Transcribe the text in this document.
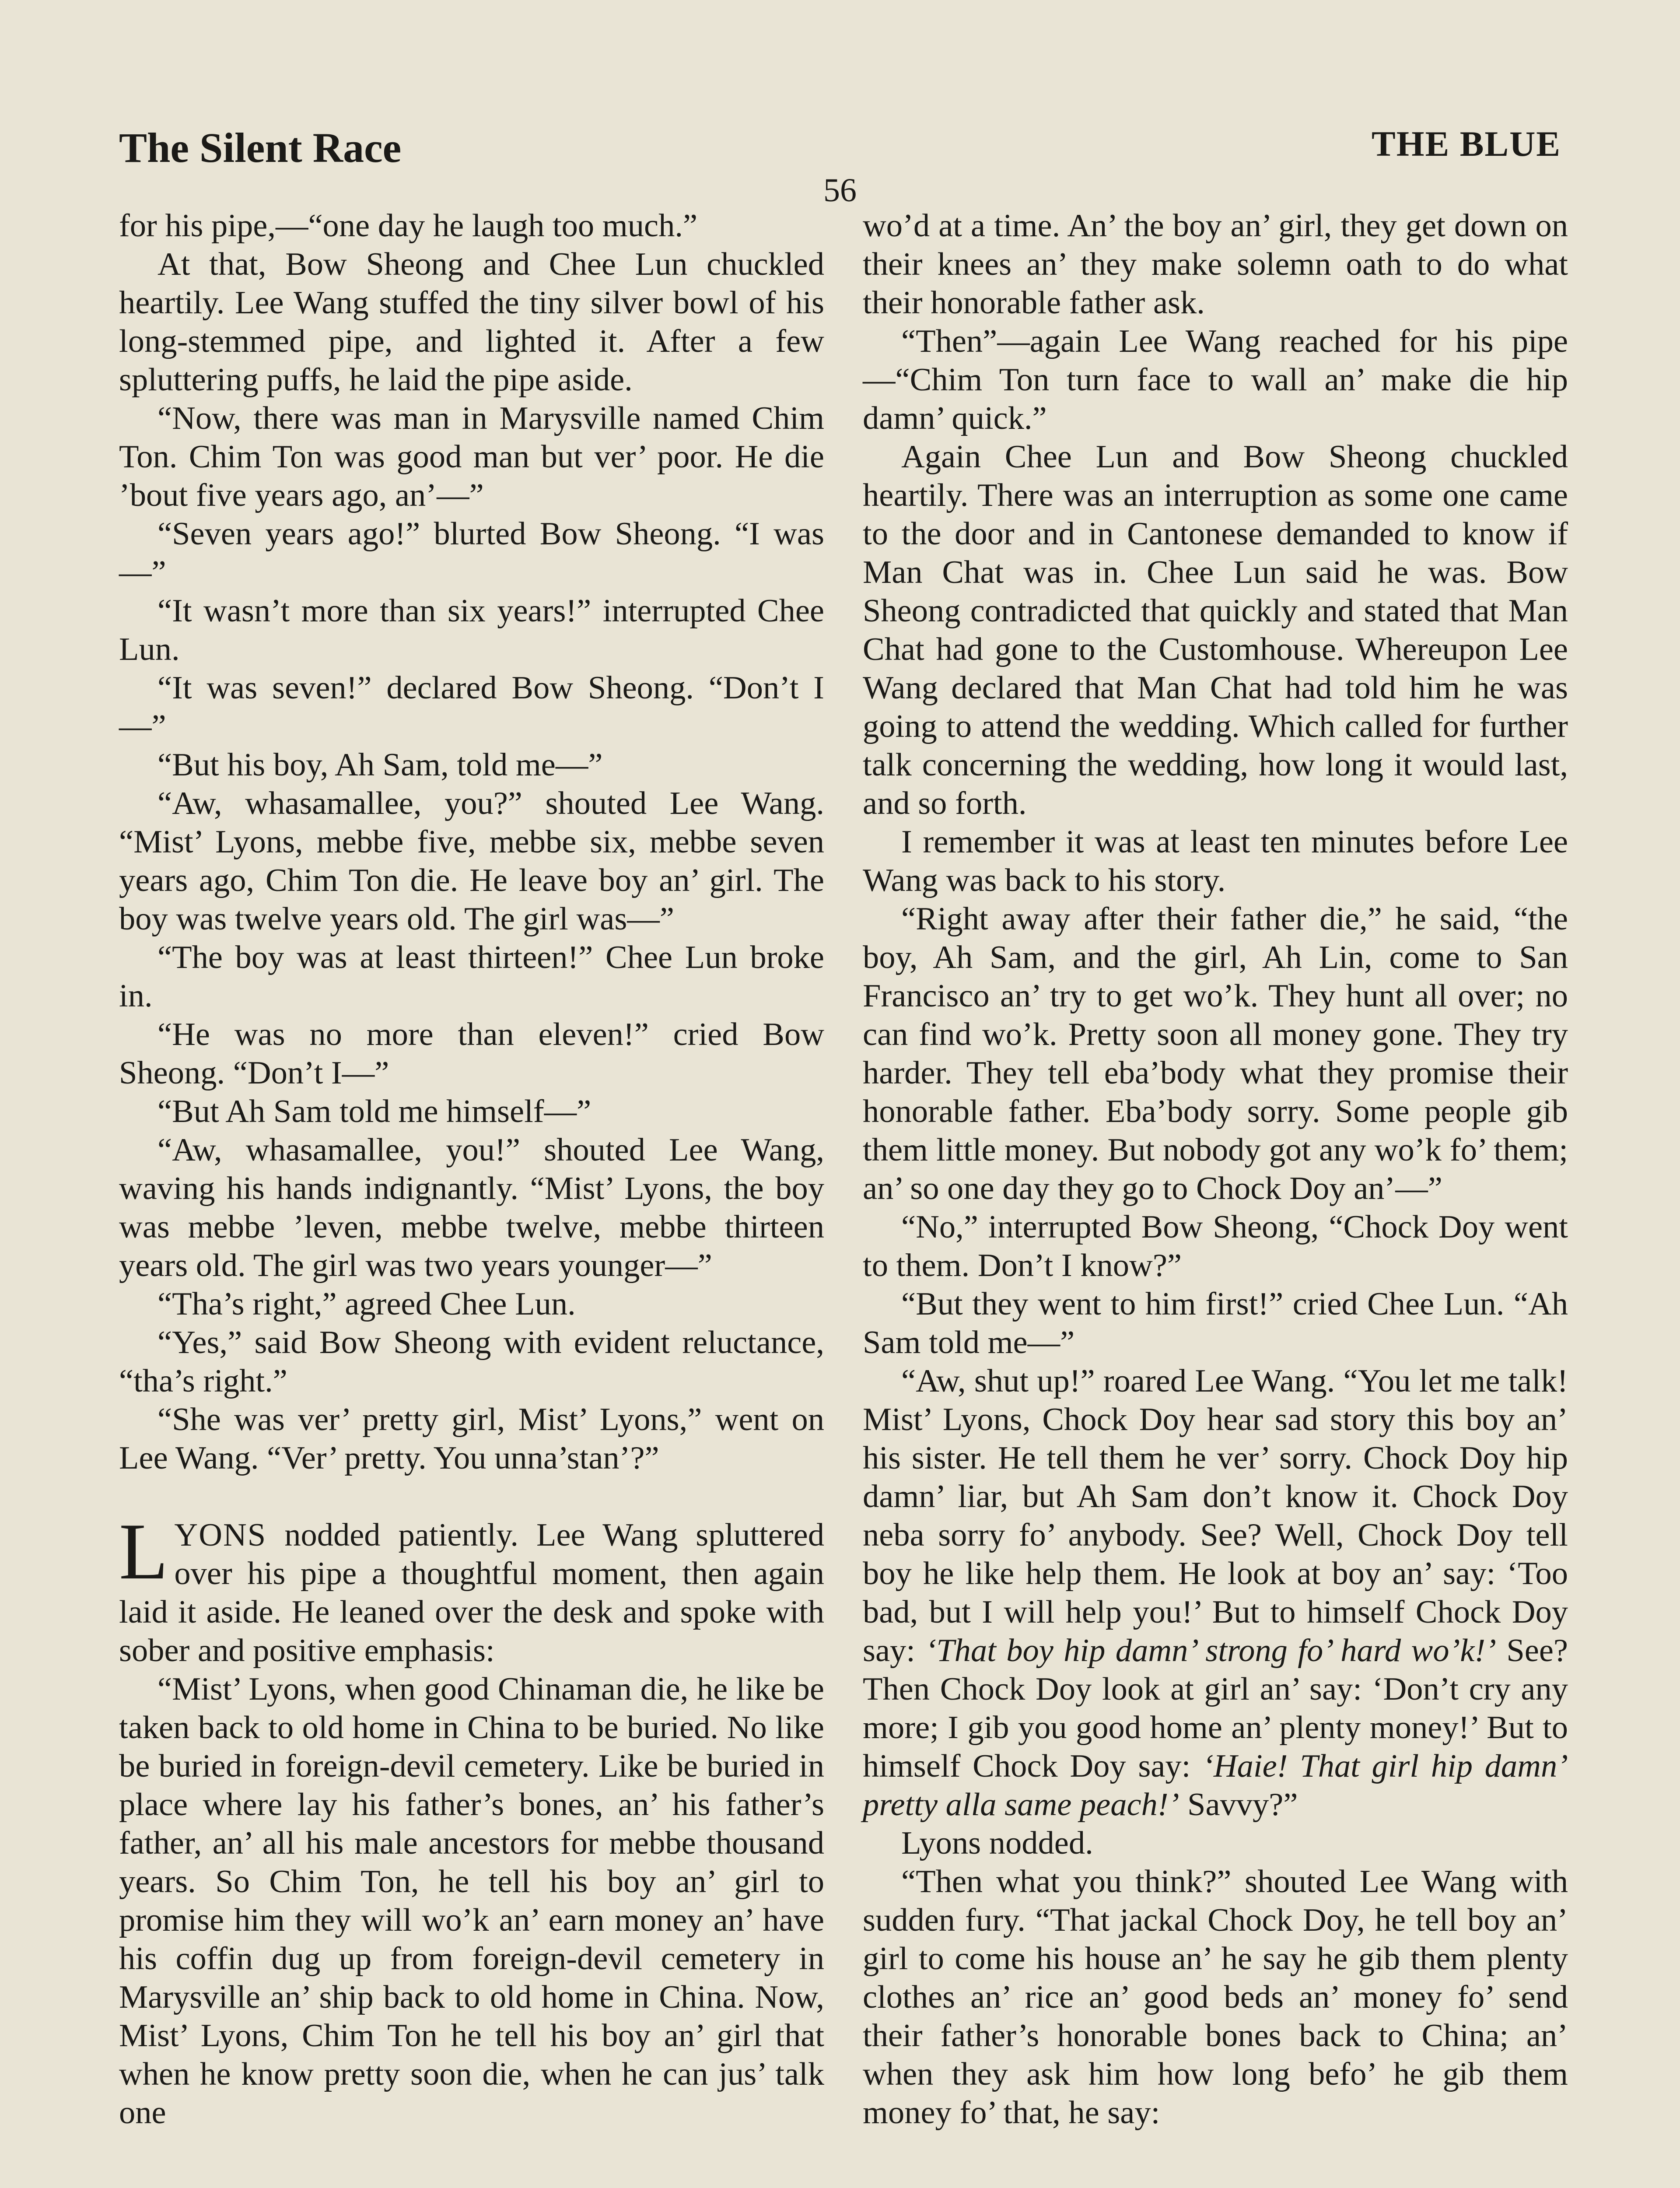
The Silent Race	THE BLUE
56

for his pipe,—“one day he laugh too much.”

At that, Bow Sheong and Chee Lun chuckled heartily. Lee Wang stuffed the tiny silver bowl of his long-stemmed pipe, and lighted it. After a few spluttering puffs, he laid the pipe aside.

“Now, there was man in Marysville named Chim Ton. Chim Ton was good man but ver’ poor. He die ’bout five years ago, an’—”

“Seven years ago!” blurted Bow Sheong. “I was—”

“It wasn’t more than six years!” interrupted Chee Lun.

“It was seven!” declared Bow Sheong. “Don’t I—”

“But his boy, Ah Sam, told me—”

“Aw, whasamallee, you?” shouted Lee Wang. “Mist’ Lyons, mebbe five, mebbe six, mebbe seven years ago, Chim Ton die. He leave boy an’ girl. The boy was twelve years old. The girl was—”

“The boy was at least thirteen!” Chee Lun broke in.

“He was no more than eleven!” cried Bow Sheong. “Don’t I—”

“But Ah Sam told me himself—”

“Aw, whasamallee, you!” shouted Lee Wang, waving his hands indignantly. “Mist’ Lyons, the boy was mebbe ’leven, mebbe twelve, mebbe thirteen years old. The girl was two years younger—”

“Tha’s right,” agreed Chee Lun.

“Yes,” said Bow Sheong with evident reluctance, “tha’s right.”

“She was ver’ pretty girl, Mist’ Lyons,” went on Lee Wang. “Ver’ pretty. You unna’stan’?”

LYONS nodded patiently. Lee Wang spluttered over his pipe a thoughtful moment, then again laid it aside. He leaned over the desk and spoke with sober and positive emphasis:

“Mist’ Lyons, when good Chinaman die, he like be taken back to old home in China to be buried. No like be buried in foreign-devil cemetery. Like be buried in place where lay his father’s bones, an’ his father’s father, an’ all his male ancestors for mebbe thousand years. So Chim Ton, he tell his boy an’ girl to promise him they will wo’k an’ earn money an’ have his coffin dug up from foreign-devil cemetery in Marysville an’ ship back to old home in China. Now, Mist’ Lyons, Chim Ton he tell his boy an’ girl that when he know pretty soon die, when he can jus’ talk one

wo’d at a time. An’ the boy an’ girl, they get down on their knees an’ they make solemn oath to do what their honorable father ask.

“Then”—again Lee Wang reached for his pipe—“Chim Ton turn face to wall an’ make die hip damn’ quick.”

Again Chee Lun and Bow Sheong chuckled heartily. There was an interruption as some one came to the door and in Cantonese demanded to know if Man Chat was in. Chee Lun said he was. Bow Sheong contradicted that quickly and stated that Man Chat had gone to the Customhouse. Whereupon Lee Wang declared that Man Chat had told him he was going to attend the wedding. Which called for further talk concerning the wedding, how long it would last, and so forth.

I remember it was at least ten minutes before Lee Wang was back to his story.

“Right away after their father die,” he said, “the boy, Ah Sam, and the girl, Ah Lin, come to San Francisco an’ try to get wo’k. They hunt all over; no can find wo’k. Pretty soon all money gone. They try harder. They tell eba’body what they promise their honorable father. Eba’body sorry. Some people gib them little money. But nobody got any wo’k fo’ them; an’ so one day they go to Chock Doy an’—”

“No,” interrupted Bow Sheong, “Chock Doy went to them. Don’t I know?”

“But they went to him first!” cried Chee Lun. “Ah Sam told me—”

“Aw, shut up!” roared Lee Wang. “You let me talk! Mist’ Lyons, Chock Doy hear sad story this boy an’ his sister. He tell them he ver’ sorry. Chock Doy hip damn’ liar, but Ah Sam don’t know it. Chock Doy neba sorry fo’ anybody. See? Well, Chock Doy tell boy he like help them. He look at boy an’ say: ‘Too bad, but I will help you!’ But to himself Chock Doy say: ‘That boy hip damn’ strong fo’ hard wo’k!’ See? Then Chock Doy look at girl an’ say: ‘Don’t cry any more; I gib you good home an’ plenty money!’ But to himself Chock Doy say: ‘Haie! That girl hip damn’ pretty alla same peach!’ Savvy?”

Lyons nodded.

“Then what you think?” shouted Lee Wang with sudden fury. “That jackal Chock Doy, he tell boy an’ girl to come his house an’ he say he gib them plenty clothes an’ rice an’ good beds an’ money fo’ send their father’s honorable bones back to China; an’ when they ask him how long befo’ he gib them money fo’ that, he say:
